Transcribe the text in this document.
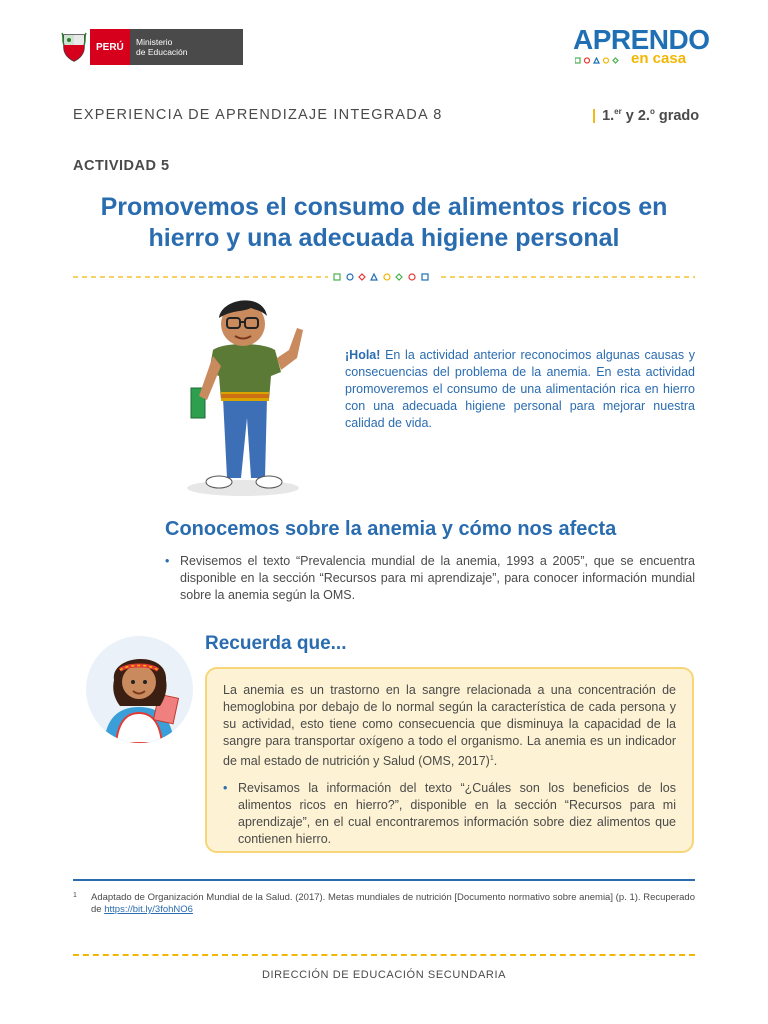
PERÚ	Ministerio
de Educación	APRENDO
en casa
EXPERIENCIA DE APRENDIZAJE INTEGRADA 8	| 1.$^{er}$ y 2.$^o$ grado
ACTIVIDAD 5
Promovemos el consumo de alimentos ricos en
hierro y una adecuada higiene personal
¡Hola! En la actividad anterior reconocimos algunas causas y consecuencias del problema de la anemia. En esta actividad promoveremos el consumo de una alimentación rica en hierro con una adecuada higiene personal para mejorar nuestra calidad de vida.
Conocemos sobre la anemia y cómo nos afecta
• Revisemos el texto “Prevalencia mundial de la anemia, 1993 a 2005”, que se encuentra disponible en la sección “Recursos para mi aprendizaje”, para conocer información mundial sobre la anemia según la OMS.
Recuerda que...

La anemia es un trastorno en la sangre relacionada a una concentración de hemoglobina por debajo de lo normal según la característica de cada persona y su actividad, esto tiene como consecuencia que disminuya la capacidad de la sangre para transportar oxígeno a todo el organismo. La anemia es un indicador de mal estado de nutrición y Salud (OMS, 2017)$^1$.

• Revisamos la información del texto “¿Cuáles son los beneficios de los alimentos ricos en hierro?”, disponible en la sección “Recursos para mi aprendizaje”, en el cual encontraremos información sobre diez alimentos que contienen hierro.
1	Adaptado de Organización Mundial de la Salud. (2017). Metas mundiales de nutrición [Documento normativo sobre anemia] (p. 1). Recuperado de https://bit.ly/3fohNO6
DIRECCIÓN DE EDUCACIÓN SECUNDARIA
